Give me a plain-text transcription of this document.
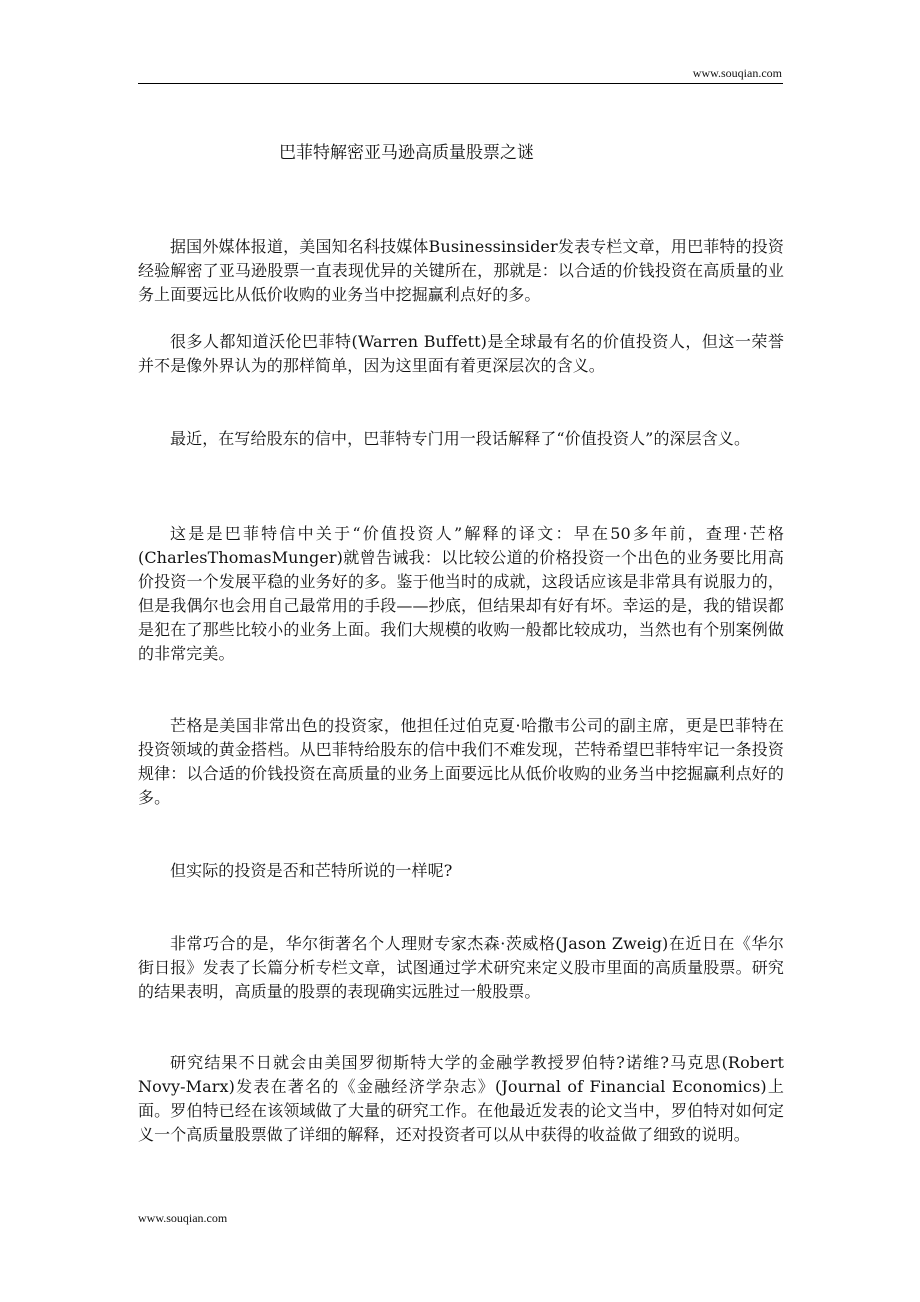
www.souqian.com
巴菲特解密亚马逊高质量股票之谜

据国外媒体报道，美国知名科技媒体Businessinsider发表专栏文章，用巴菲特的投资经验解密了亚马逊股票一直表现优异的关键所在，那就是：以合适的价钱投资在高质量的业务上面要远比从低价收购的业务当中挖掘赢利点好的多。

很多人都知道沃伦巴菲特(Warren Buffett)是全球最有名的价值投资人，但这一荣誉并不是像外界认为的那样简单，因为这里面有着更深层次的含义。

最近，在写给股东的信中，巴菲特专门用一段话解释了“价值投资人”的深层含义。

这是是巴菲特信中关于“价值投资人”解释的译文：早在50多年前，查理·芒格(CharlesThomasMunger)就曾告诫我：以比较公道的价格投资一个出色的业务要比用高价投资一个发展平稳的业务好的多。鉴于他当时的成就，这段话应该是非常具有说服力的，但是我偶尔也会用自己最常用的手段——抄底，但结果却有好有坏。幸运的是，我的错误都是犯在了那些比较小的业务上面。我们大规模的收购一般都比较成功，当然也有个别案例做的非常完美。

芒格是美国非常出色的投资家，他担任过伯克夏·哈撒韦公司的副主席，更是巴菲特在投资领域的黄金搭档。从巴菲特给股东的信中我们不难发现，芒特希望巴菲特牢记一条投资规律：以合适的价钱投资在高质量的业务上面要远比从低价收购的业务当中挖掘赢利点好的多。

但实际的投资是否和芒特所说的一样呢?

非常巧合的是，华尔街著名个人理财专家杰森·茨威格(Jason Zweig)在近日在《华尔街日报》发表了长篇分析专栏文章，试图通过学术研究来定义股市里面的高质量股票。研究的结果表明，高质量的股票的表现确实远胜过一般股票。

研究结果不日就会由美国罗彻斯特大学的金融学教授罗伯特?诺维?马克思(Robert Novy-Marx)发表在著名的《金融经济学杂志》(Journal of Financial Economics)上面。罗伯特已经在该领域做了大量的研究工作。在他最近发表的论文当中，罗伯特对如何定义一个高质量股票做了详细的解释，还对投资者可以从中获得的收益做了细致的说明。

www.souqian.com
